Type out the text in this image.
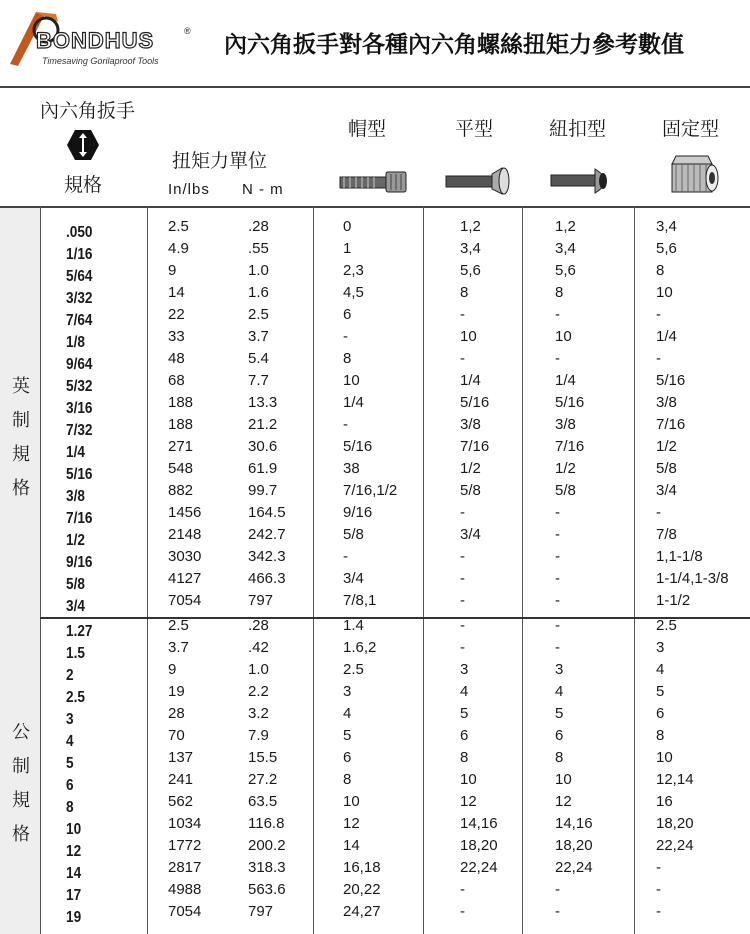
BONDHUS	®
Timesaving Gorilaproof Tools
內六角扳手對各種內六角螺絲扭矩力參考數值
內六角扳手
規格
扭矩力單位
In/lbs N - m
帽型	平型	紐扣型	固定型
英
制
規
格
公
制
規
格
.050	2.5	.28	0	1,2	1,2	3,4
1/16	4.9	.55	1	3,4	3,4	5,6
5/64	9	1.0	2,3	5,6	5,6	8
3/32	14	1.6	4,5	8	8	10
7/64	22	2.5	6	-	-	-
1/8	33	3.7	-	10	10	1/4
9/64	48	5.4	8	-	-	-
5/32	68	7.7	10	1/4	1/4	5/16
3/16	188	13.3	1/4	5/16	5/16	3/8
7/32	188	21.2	-	3/8	3/8	7/16
1/4	271	30.6	5/16	7/16	7/16	1/2
5/16	548	61.9	38	1/2	1/2	5/8
3/8	882	99.7	7/16,1/2	5/8	5/8	3/4
7/16	1456	164.5	9/16	-	-	-
1/2	2148	242.7	5/8	3/4	-	7/8
9/16	3030	342.3	-	-	-	1,1-1/8
5/8	4127	466.3	3/4	-	-	1-1/4,1-3/8
3/4	7054	797	7/8,1	-	-	1-1/2
1.27	2.5	.28	1.4	-	-	2.5
1.5	3.7	.42	1.6,2	-	-	3
2	9	1.0	2.5	3	3	4
2.5	19	2.2	3	4	4	5
3	28	3.2	4	5	5	6
4	70	7.9	5	6	6	8
5	137	15.5	6	8	8	10
6	241	27.2	8	10	10	12,14
8	562	63.5	10	12	12	16
10	1034	116.8	12	14,16	14,16	18,20
12	1772	200.2	14	18,20	18,20	22,24
14	2817	318.3	16,18	22,24	22,24	-
17	4988	563.6	20,22	-	-	-
19	7054	797	24,27	-	-	-
